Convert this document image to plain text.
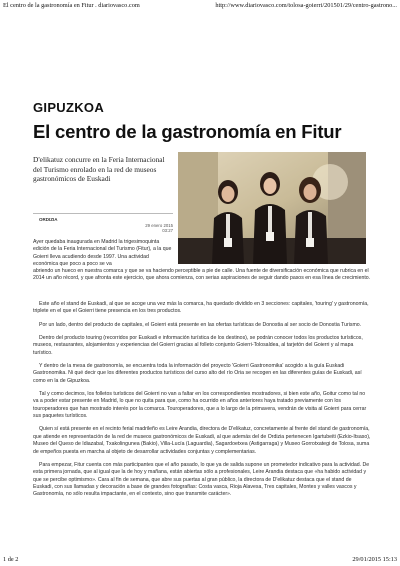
El centro de la gastronomía en Fitur . diariovasco.com	http://www.diariovasco.com/tolosa-goierri/201501/29/centro-gastrono...
GIPUZKOA
El centro de la gastronomía en Fitur
D'elikatuz concurre en la Feria Internacional del Turismo enrolado en la red de museos gastronómicos de Euskadi
ORDIZIA
29 enero 2015
03:27

Ayer quedaba inaugurada en Madrid la trigesimoquinta edición de la Feria Internacional del Turismo (Fitur), a la que Goierri lleva acudiendo desde 1997. Una actividad económica que poco a poco se va

abriendo un hueco en nuestra comarca y que se va haciendo perceptible a pie de calle. Una fuente de diversificación económica que rubrica en el 2014 un año récord, y que afronta este ejercicio, que ahora comienza, con serias aspiraciones de seguir dando pasos en esa línea de crecimiento.

Este año el stand de Euskadi, al que se acoge una vez más la comarca, ha quedado dividido en 3 secciones: capitales, 'touring' y gastronomía, triplete en el que el Goierri tiene presencia en los tres productos.

Por un lado, dentro del producto de capitales, el Goierri está presente en las ofertas turísticas de Donostia al ser socio de Donostia Turismo.

Dentro del producto touring (recorridos por Euskadi e información turística de los destinos), se podrán conocer todos los productos turísticos, museos, restaurantes, alojamientos y experiencias del Goierri gracias al folleto conjunto Goierri-Tolosaldea, al tarjetón del Goierri y al mapa turístico.

Y dentro de la mesa de gastronomía, se encuentra toda la información del proyecto 'Goierri Gastronomika' acogido a la guía Euskadi Gastronomika. Ni qué decir que los diferentes productos turísticos del curso alto del río Oria se recogen en las diferentes guías de Euskadi, así como en la de Gipuzkoa.

Tal y como decimos, los folletos turísticos del Goierri no van a faltar en los correspondientes mostradores, si bien este año, Goitur como tal no va a poder estar presente en Madrid, lo que no quita para que, como ha ocurrido en años anteriores haya tratado previamente con los touroperadores que han mostrado interés por la comarca. Touroperadores, que a lo largo de la primavera, vendrán de visita al Goierri para cerrar sus paquetes turísticos.

Quien sí está presente en el recinto ferial madrileño es Leire Arandia, directora de D'elikatuz, concretamente al frente del stand de gastronomía, que atiende en representación de la red de museos gastronómicos de Euskadi, al que además del de Ordizia pertenecen Igartubeiti (Ezkio-Itsaso), Museo del Queso de Idiazabal, Txakolingunea (Bakio), Villa-Lucía (Laguardia), Sagardoetxea (Astigarraga) y Museo Gorrotxategi de Tolosa, suma de empeños puesta en marcha al objeto de desarrollar actividades conjuntas y complementarias.

Para empezar, Fitur cuenta con más participantes que el año pasado, lo que ya de salida supone un prometedor indicativo para la actividad. De esta primera jornada, que al igual que la de hoy y mañana, están abiertas sólo a profesionales, Leire Arandia destaca que «ha habido actividad y que se percibe optimismo». Cara al fin de semana, que abre sus puertas al gran público, la directora de D'elikatuz destaca que el stand de Euskadi, con sus llamadas y decoración a base de grandes fotografías: Costa vasca, Rioja Alavesa, Tres capitales, Montes y valles vascos y Gastronomía, no sólo resulta impactante, en el contexto, sino que transmite carácter».

1 de 2	29/01/2015 15:13
